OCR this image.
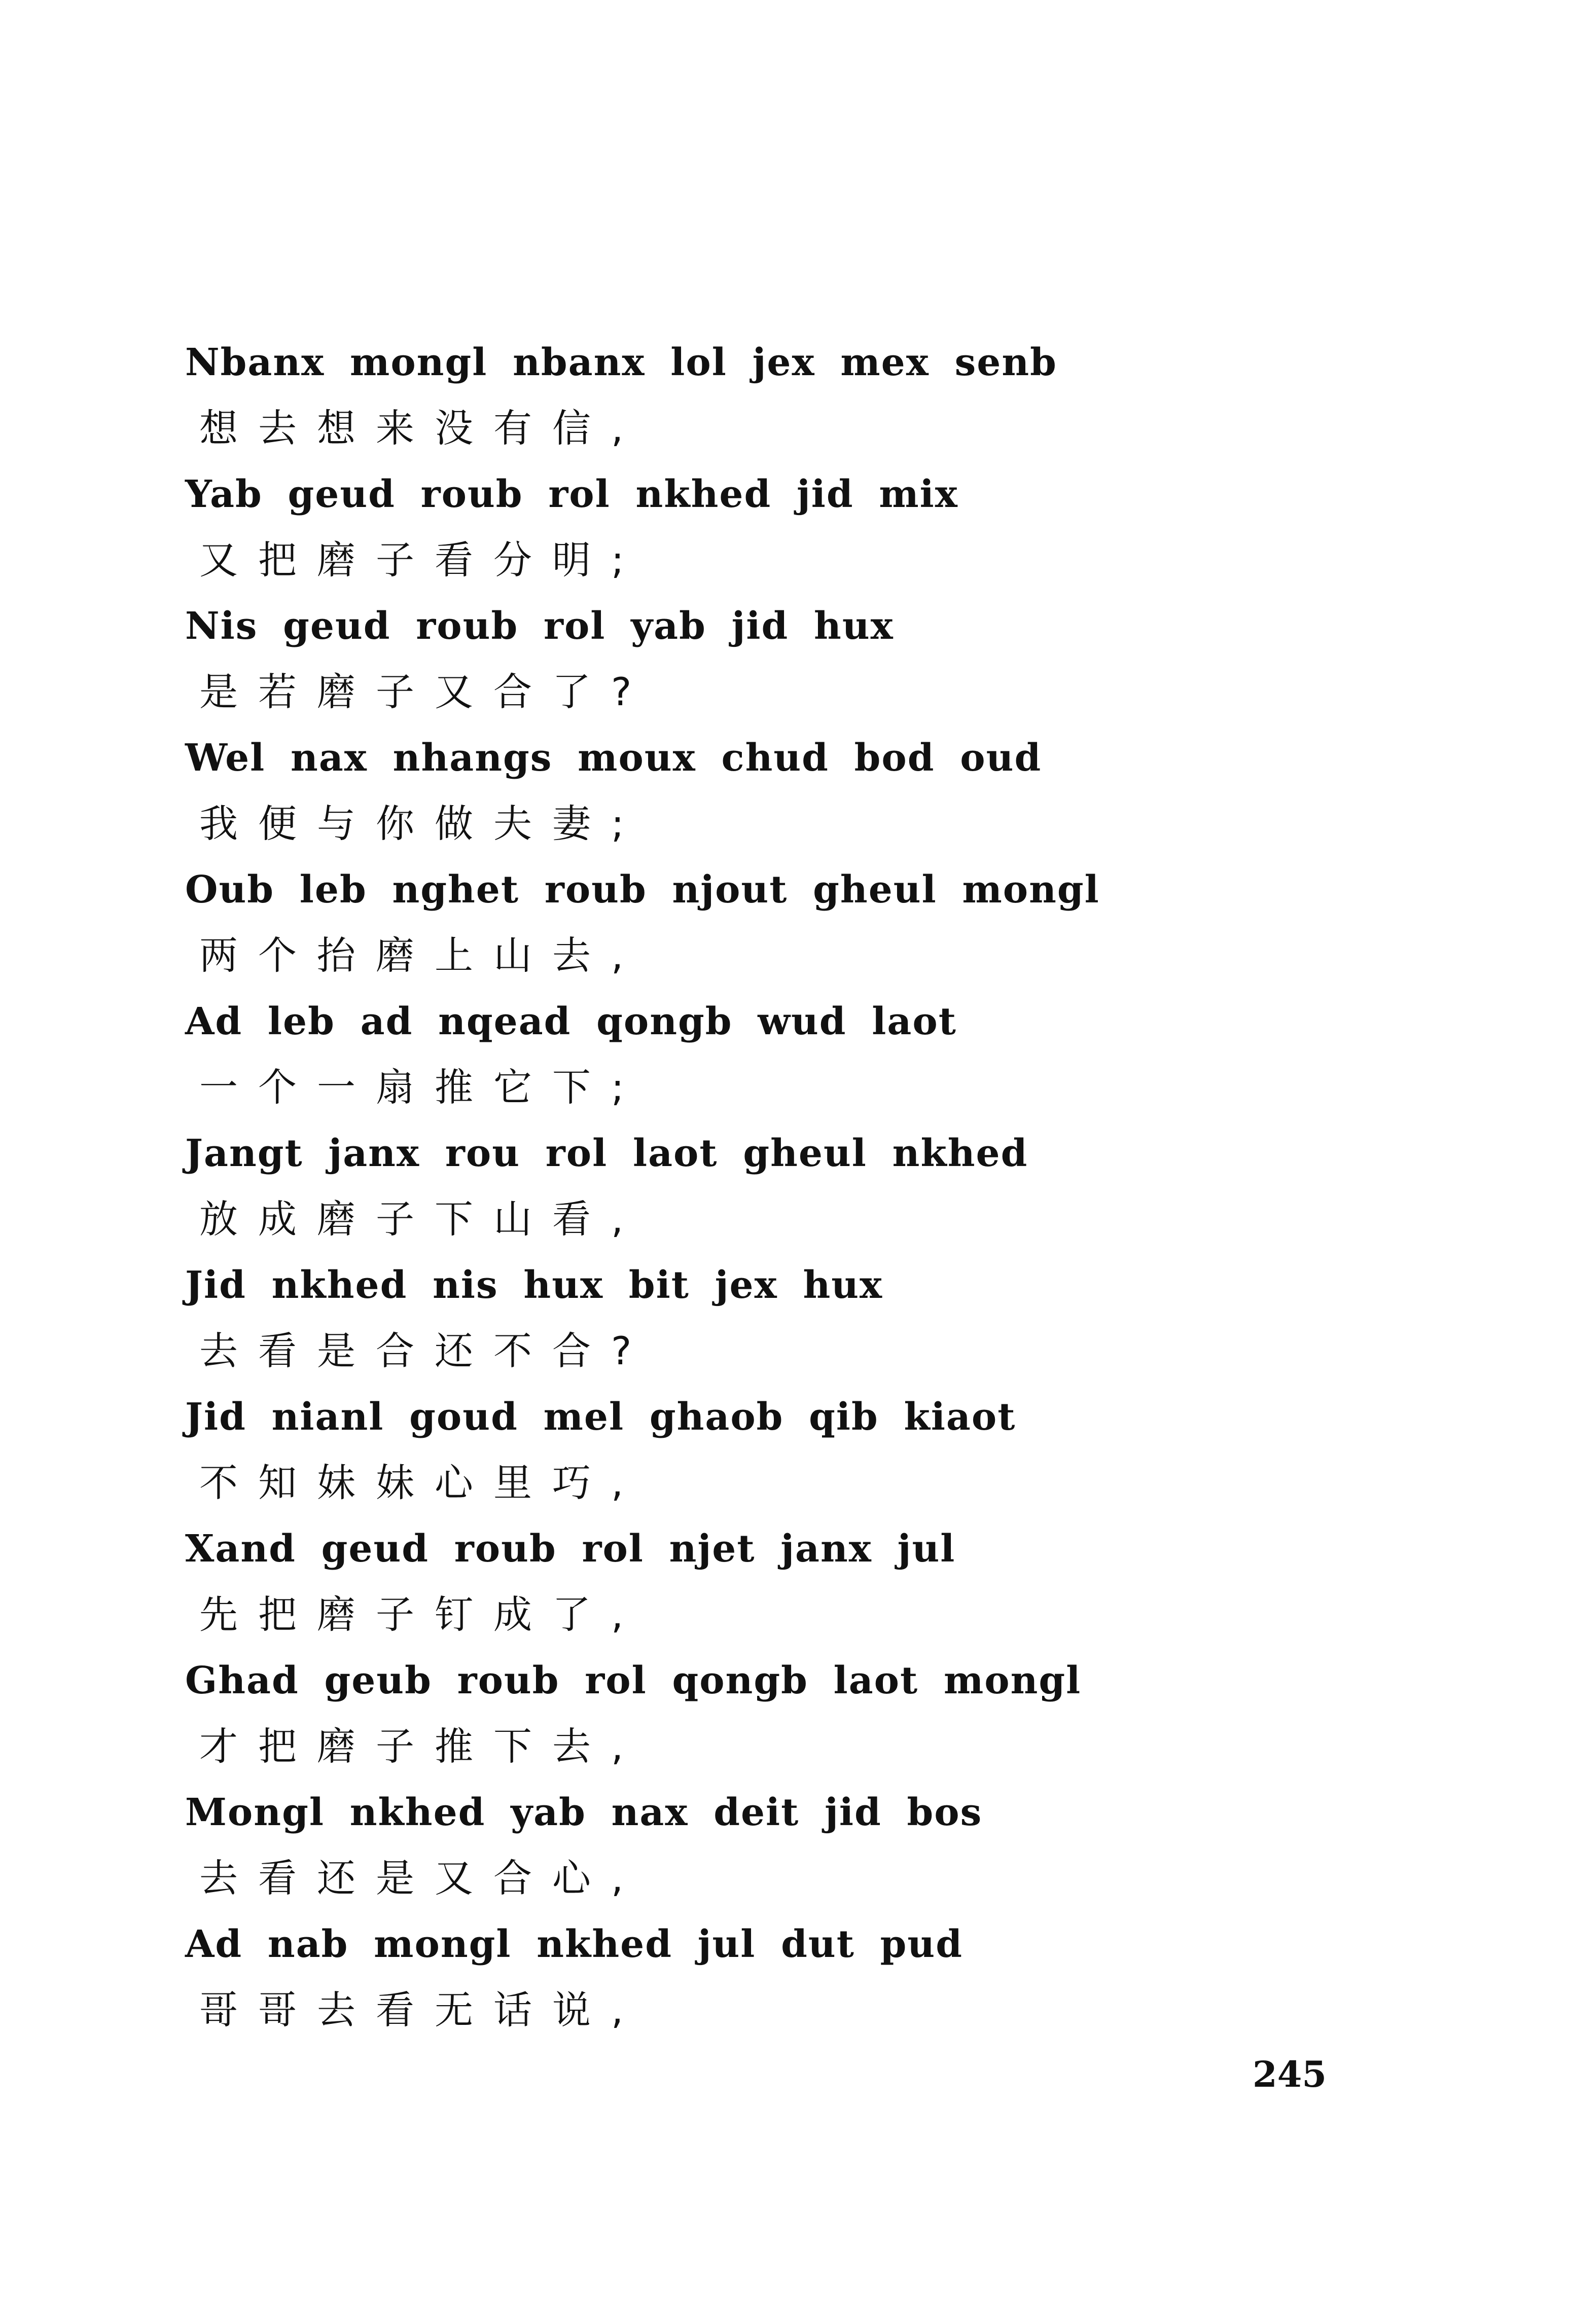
Nbanx mongl nbanx lol jex mex senb
想去想来没有信,
Yab geud roub rol nkhed jid mix
又把磨子看分明;
Nis geud roub rol yab jid hux
是若磨子又合了?
Wel nax nhangs moux chud bod oud
我便与你做夫妻;
Oub leb nghet roub njout gheul mongl
两个抬磨上山去,
Ad leb ad nqead qongb wud laot
一个一扇推它下;
Jangt janx rou rol laot gheul nkhed
放成磨子下山看,
Jid nkhed nis hux bit jex hux
去看是合还不合?
Jid nianl goud mel ghaob qib kiaot
不知妹妹心里巧,
Xand geud roub rol njet janx jul
先把磨子钉成了,
Ghad geub roub rol qongb laot mongl
才把磨子推下去,
Mongl nkhed yab nax deit jid bos
去看还是又合心,
Ad nab mongl nkhed jul dut pud
哥哥去看无话说,
245
